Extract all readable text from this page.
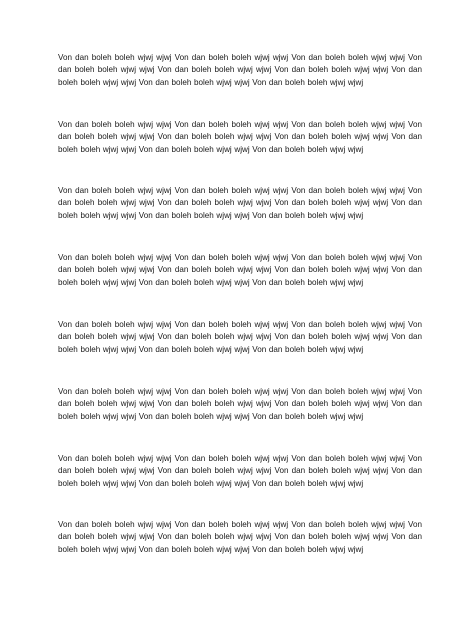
Von dan boleh boleh wjwj wjwj Von dan boleh boleh wjwj wjwj Von dan boleh boleh wjwj wjwj Von dan boleh boleh wjwj wjwj Von dan boleh boleh wjwj wjwj Von dan boleh boleh wjwj wjwj Von dan boleh boleh wjwj wjwj Von dan boleh boleh wjwj wjwj Von dan boleh boleh wjwj wjwj

Von dan boleh boleh wjwj wjwj Von dan boleh boleh wjwj wjwj Von dan boleh boleh wjwj wjwj Von dan boleh boleh wjwj wjwj Von dan boleh boleh wjwj wjwj Von dan boleh boleh wjwj wjwj Von dan boleh boleh wjwj wjwj Von dan boleh boleh wjwj wjwj Von dan boleh boleh wjwj wjwj

Von dan boleh boleh wjwj wjwj Von dan boleh boleh wjwj wjwj Von dan boleh boleh wjwj wjwj Von dan boleh boleh wjwj wjwj Von dan boleh boleh wjwj wjwj Von dan boleh boleh wjwj wjwj Von dan boleh boleh wjwj wjwj Von dan boleh boleh wjwj wjwj Von dan boleh boleh wjwj wjwj

Von dan boleh boleh wjwj wjwj Von dan boleh boleh wjwj wjwj Von dan boleh boleh wjwj wjwj Von dan boleh boleh wjwj wjwj Von dan boleh boleh wjwj wjwj Von dan boleh boleh wjwj wjwj Von dan boleh boleh wjwj wjwj Von dan boleh boleh wjwj wjwj Von dan boleh boleh wjwj wjwj

Von dan boleh boleh wjwj wjwj Von dan boleh boleh wjwj wjwj Von dan boleh boleh wjwj wjwj Von dan boleh boleh wjwj wjwj Von dan boleh boleh wjwj wjwj Von dan boleh boleh wjwj wjwj Von dan boleh boleh wjwj wjwj Von dan boleh boleh wjwj wjwj Von dan boleh boleh wjwj wjwj

Von dan boleh boleh wjwj wjwj Von dan boleh boleh wjwj wjwj Von dan boleh boleh wjwj wjwj Von dan boleh boleh wjwj wjwj Von dan boleh boleh wjwj wjwj Von dan boleh boleh wjwj wjwj Von dan boleh boleh wjwj wjwj Von dan boleh boleh wjwj wjwj Von dan boleh boleh wjwj wjwj

Von dan boleh boleh wjwj wjwj Von dan boleh boleh wjwj wjwj Von dan boleh boleh wjwj wjwj Von dan boleh boleh wjwj wjwj Von dan boleh boleh wjwj wjwj Von dan boleh boleh wjwj wjwj Von dan boleh boleh wjwj wjwj Von dan boleh boleh wjwj wjwj Von dan boleh boleh wjwj wjwj

Von dan boleh boleh wjwj wjwj Von dan boleh boleh wjwj wjwj Von dan boleh boleh wjwj wjwj Von dan boleh boleh wjwj wjwj Von dan boleh boleh wjwj wjwj Von dan boleh boleh wjwj wjwj Von dan boleh boleh wjwj wjwj Von dan boleh boleh wjwj wjwj Von dan boleh boleh wjwj wjwj
